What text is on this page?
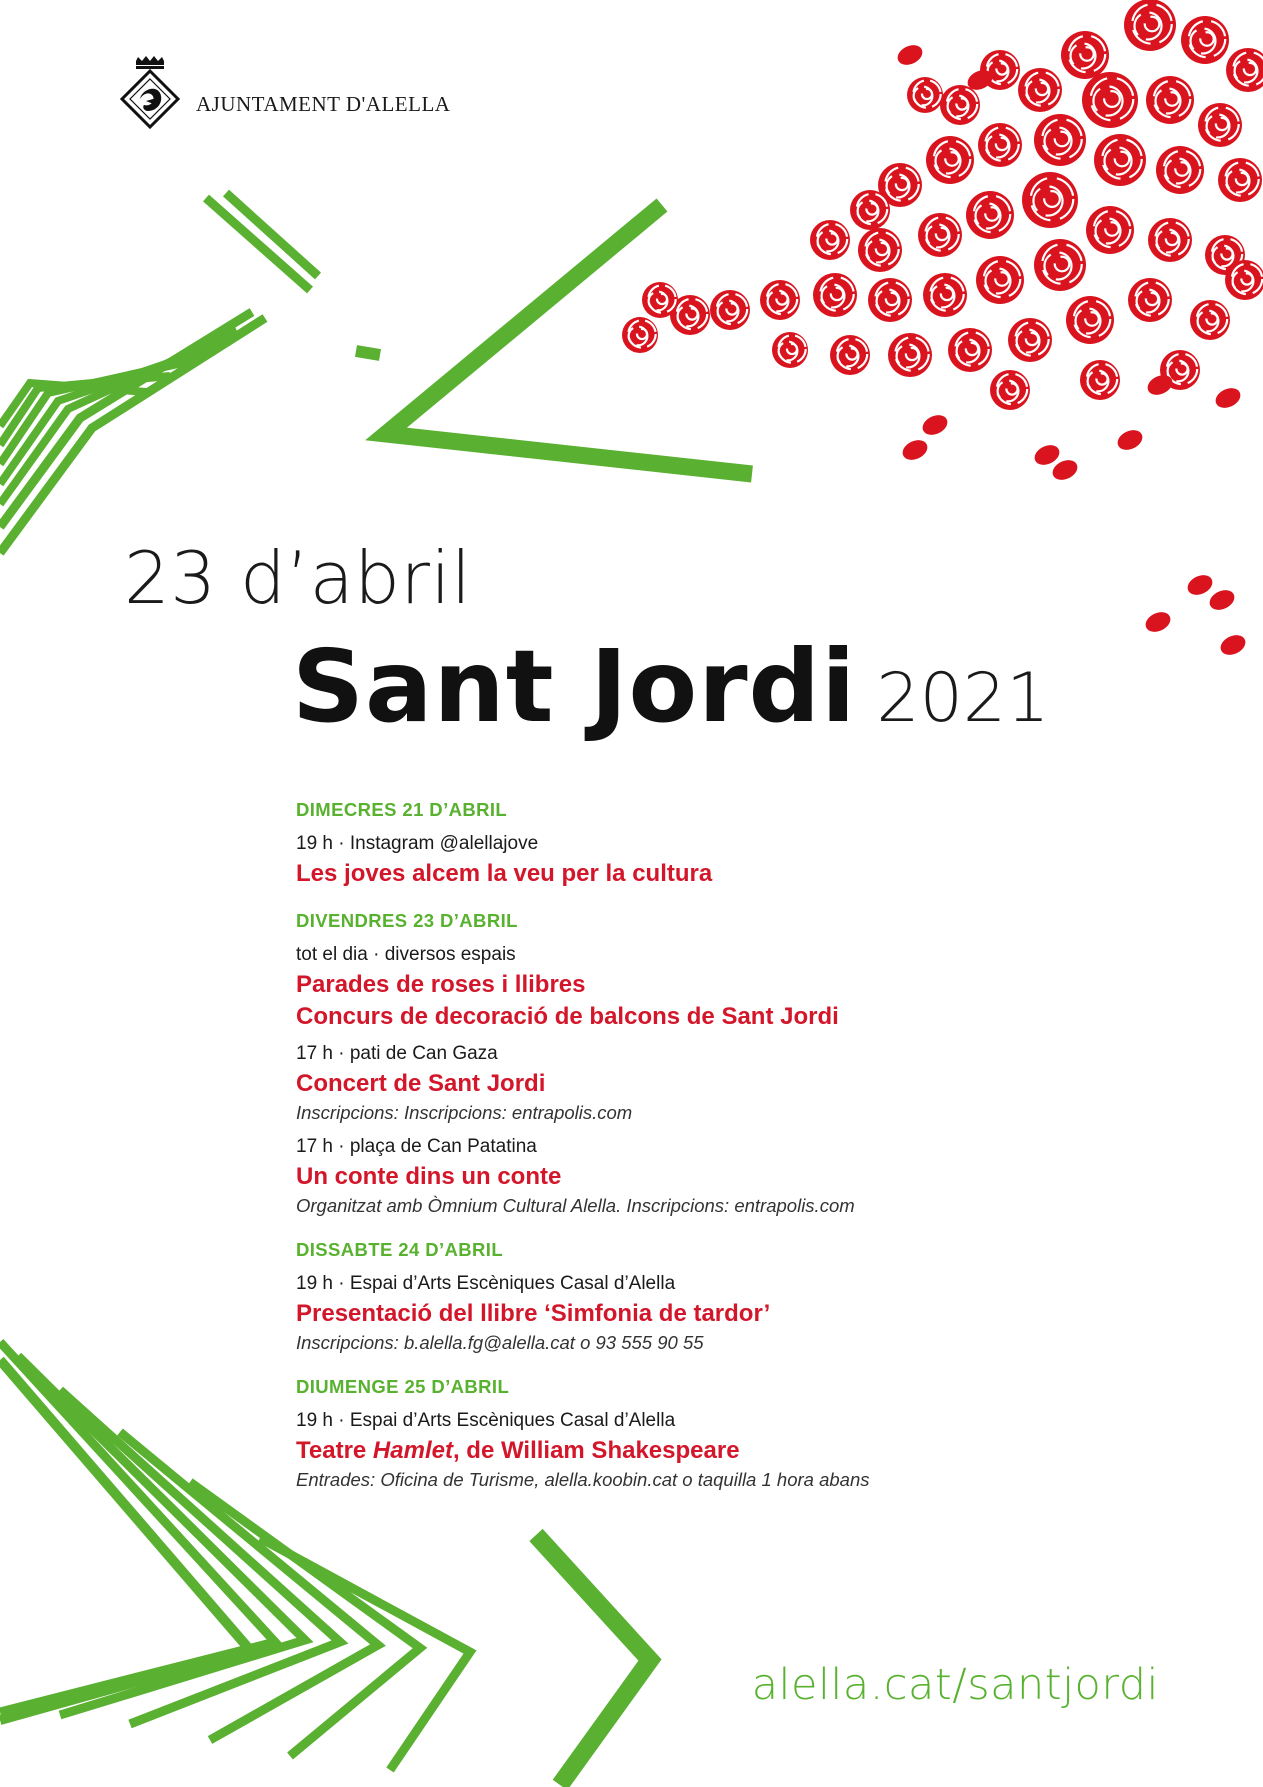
AJUNTAMENT D'ALELLA
23 d’abril
Sant Jordi 2021

DIMECRES 21 D’ABRIL

19 h · Instagram @alellajove
Les joves alcem la veu per la cultura

DIVENDRES 23 D’ABRIL

tot el dia · diversos espais
Parades de roses i llibres
Concurs de decoració de balcons de Sant Jordi
17 h · pati de Can Gaza
Concert de Sant Jordi
Inscripcions: Inscripcions: entrapolis.com
17 h · plaça de Can Patatina
Un conte dins un conte
Organitzat amb Òmnium Cultural Alella. Inscripcions: entrapolis.com

DISSABTE 24 D’ABRIL

19 h · Espai d’Arts Escèniques Casal d’Alella
Presentació del llibre ‘Simfonia de tardor’
Inscripcions: b.alella.fg@alella.cat o 93 555 90 55

DIUMENGE 25 D’ABRIL

19 h · Espai d’Arts Escèniques Casal d’Alella
Teatre Hamlet, de William Shakespeare
Entrades: Oficina de Turisme, alella.koobin.cat o taquilla 1 hora abans
alella.cat/santjordi
